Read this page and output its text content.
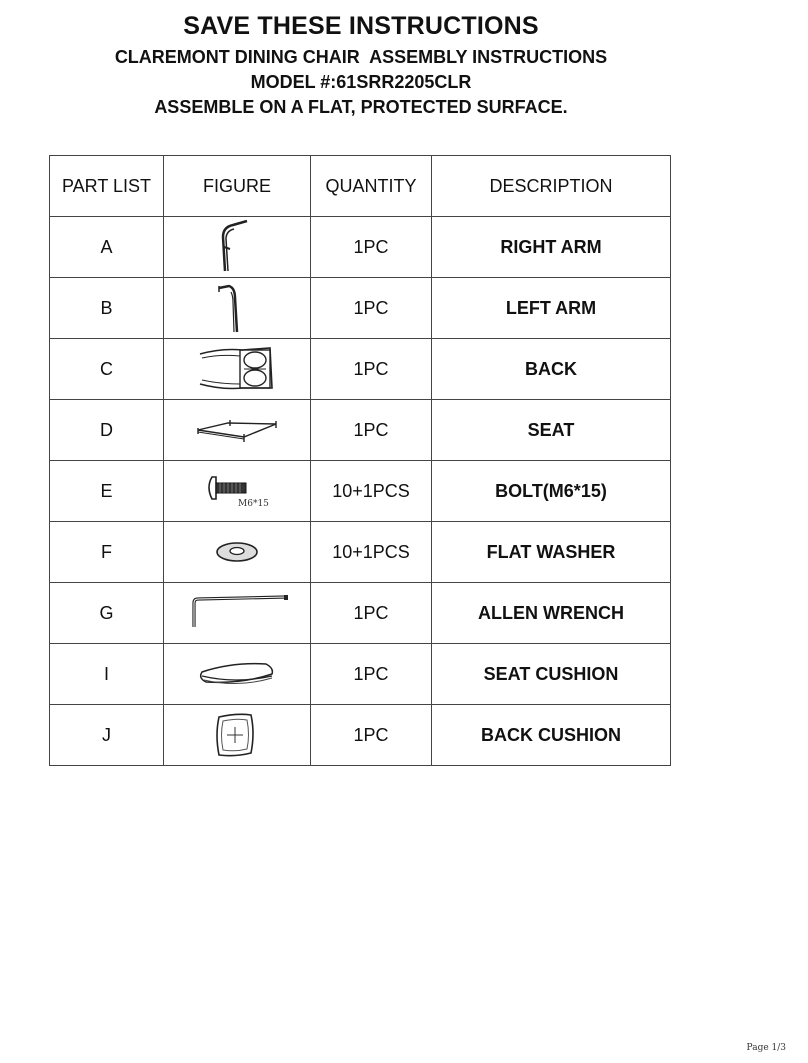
SAVE THESE INSTRUCTIONS
CLAREMONT DINING CHAIR  ASSEMBLY INSTRUCTIONS
MODEL #:61SRR2205CLR
ASSEMBLE ON A FLAT, PROTECTED SURFACE.
PART LIST	FIGURE	QUANTITY	DESCRIPTION
A		1PC	RIGHT ARM
B		1PC	LEFT ARM
C		1PC	BACK
D		1PC	SEAT
E	M6*15	10+1PCS	BOLT(M6*15)
F		10+1PCS	FLAT WASHER
G		1PC	ALLEN WRENCH
I		1PC	SEAT CUSHION
J		1PC	BACK CUSHION
Page 1/3
